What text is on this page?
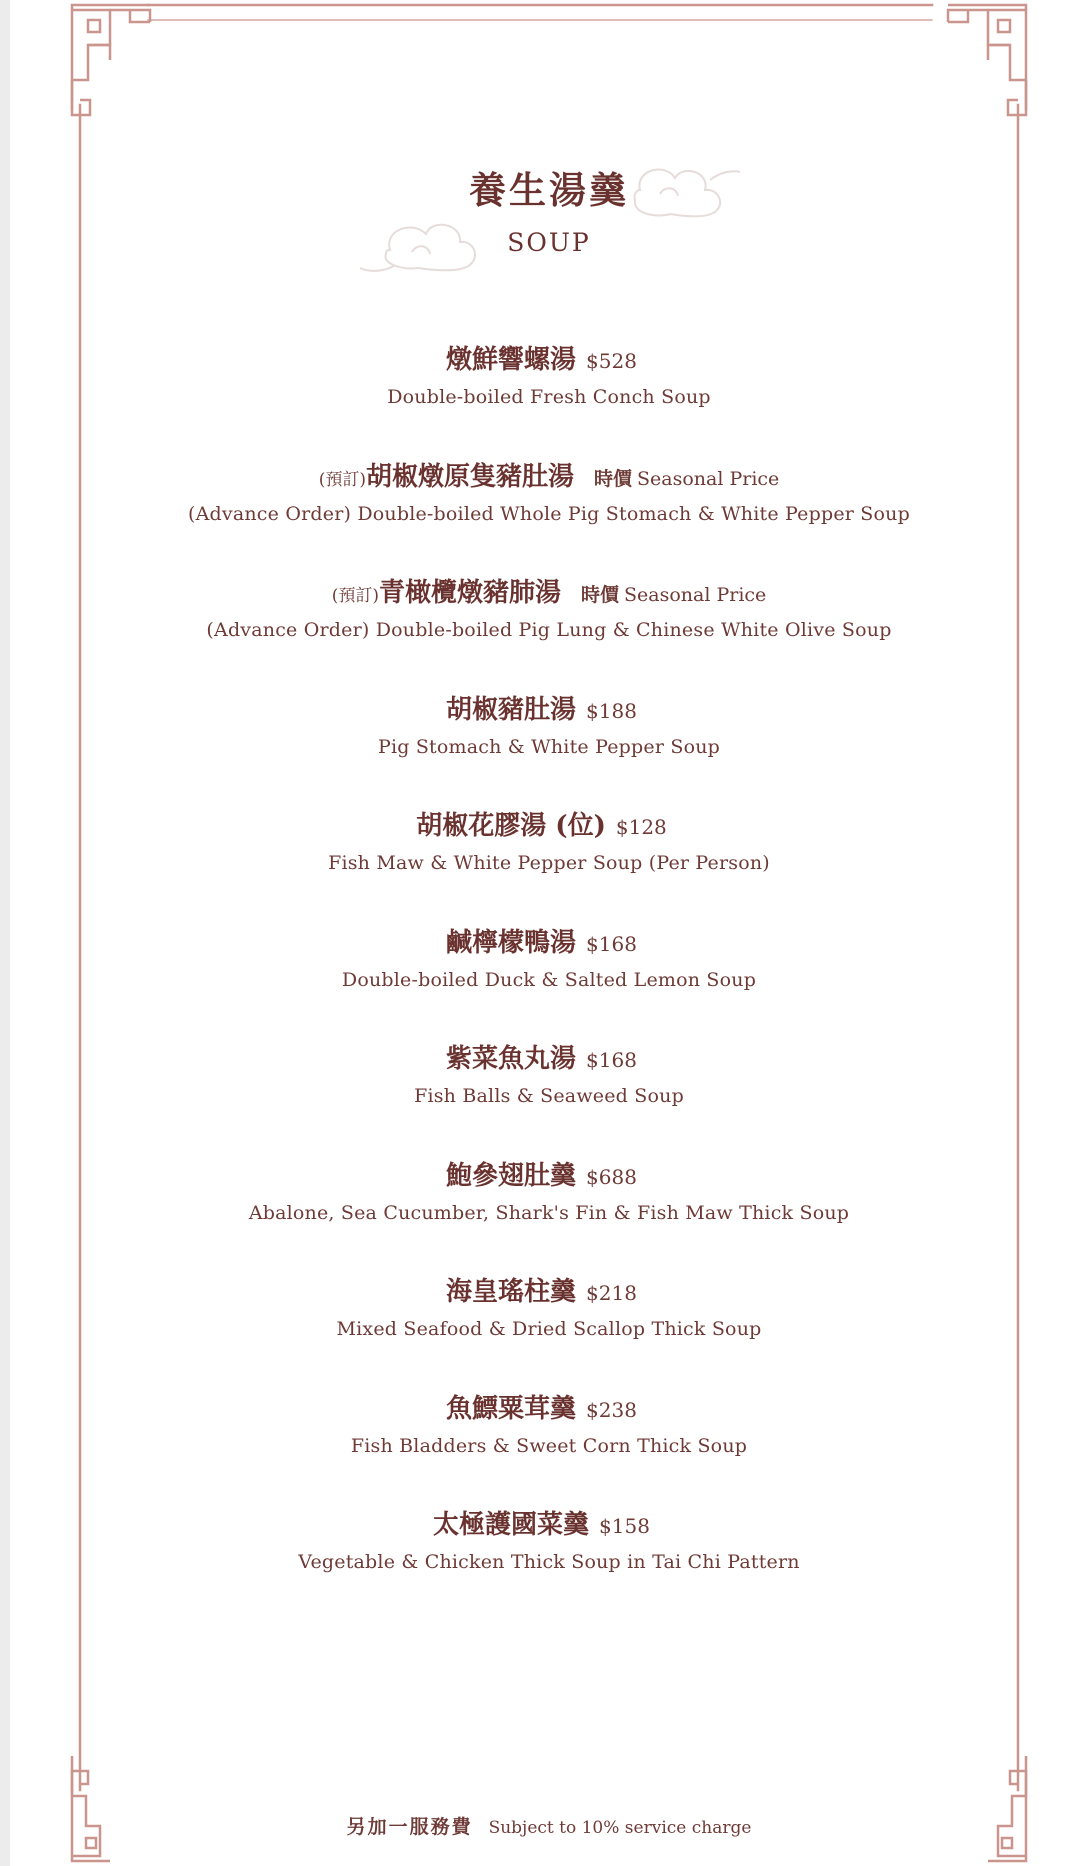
養生湯羹
SOUP
燉鮮響螺湯 $528
Double-boiled Fresh Conch Soup
(預訂)胡椒燉原隻豬肚湯 時價 Seasonal Price
(Advance Order) Double-boiled Whole Pig Stomach & White Pepper Soup
(預訂)青橄欖燉豬肺湯 時價 Seasonal Price
(Advance Order) Double-boiled Pig Lung & Chinese White Olive Soup
胡椒豬肚湯 $188
Pig Stomach & White Pepper Soup
胡椒花膠湯 (位) $128
Fish Maw & White Pepper Soup (Per Person)
鹹檸檬鴨湯 $168
Double-boiled Duck & Salted Lemon Soup
紫菜魚丸湯 $168
Fish Balls & Seaweed Soup
鮑參翅肚羹 $688
Abalone, Sea Cucumber, Shark's Fin & Fish Maw Thick Soup
海皇瑤柱羹 $218
Mixed Seafood & Dried Scallop Thick Soup
魚鰾粟茸羹 $238
Fish Bladders & Sweet Corn Thick Soup
太極護國菜羹 $158
Vegetable & Chicken Thick Soup in Tai Chi Pattern
另加一服務費 Subject to 10% service charge
